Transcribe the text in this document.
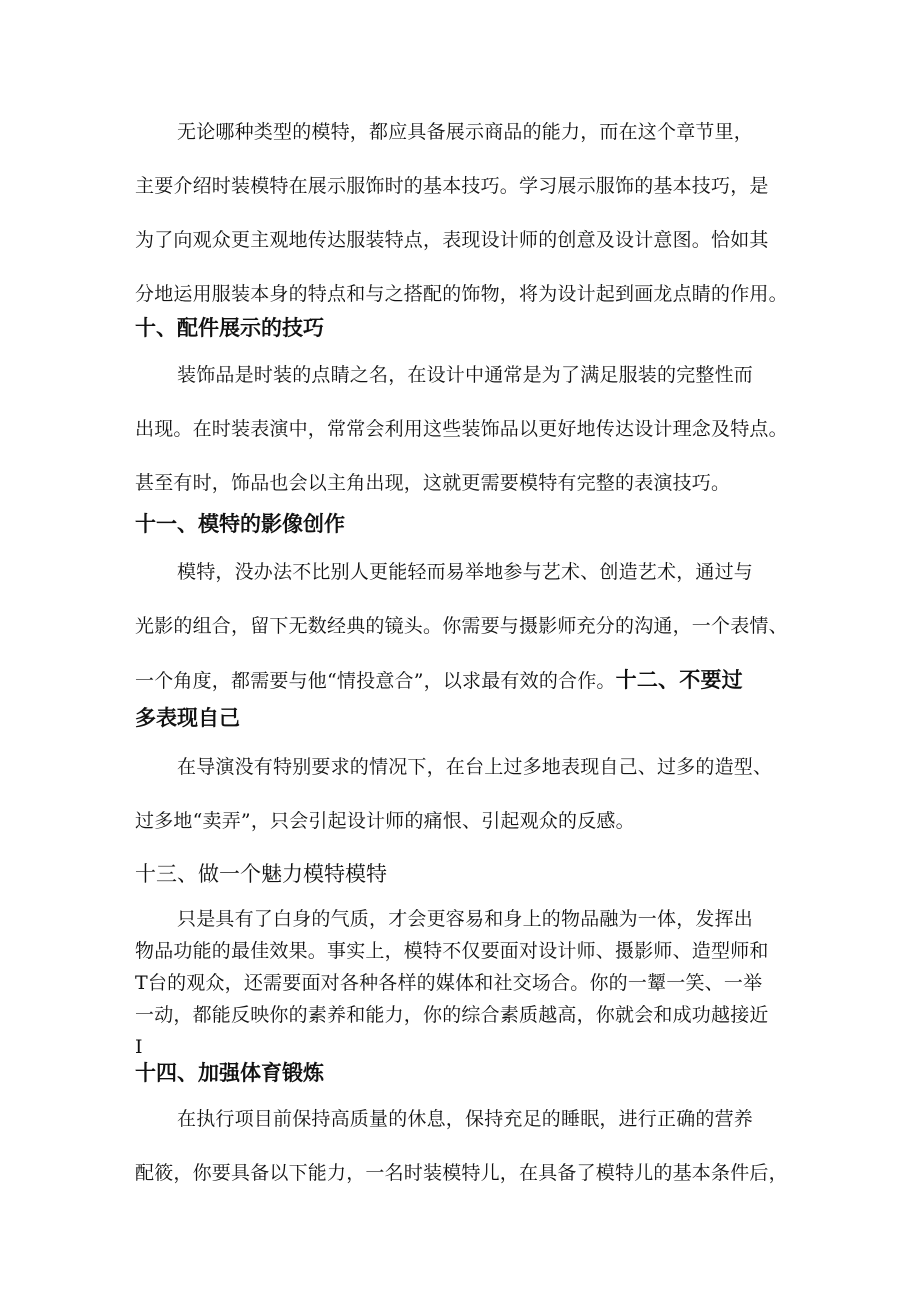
无论哪种类型的模特，都应具备展示商品的能力，而在这个章节里，
主要介绍时装模特在展示服饰时的基本技巧。学习展示服饰的基本技巧，是
为了向观众更主观地传达服装特点，表现设计师的创意及设计意图。恰如其
分地运用服装本身的特点和与之搭配的饰物，将为设计起到画龙点睛的作用。
十、配件展示的技巧
装饰品是时装的点睛之名，在设计中通常是为了满足服装的完整性而
出现。在时装表演中，常常会利用这些装饰品以更好地传达设计理念及特点。
甚至有时，饰品也会以主角出现，这就更需要模特有完整的表演技巧。
十一、模特的影像创作
模特，没办法不比别人更能轻而易举地参与艺术、创造艺术，通过与
光影的组合，留下无数经典的镜头。你需要与摄影师充分的沟通，一个表情、
一个角度，都需要与他“情投意合”，以求最有效的合作。十二、不要过
多表现自己
在导演没有特别要求的情况下，在台上过多地表现自己、过多的造型、
过多地“卖弄”，只会引起设计师的痛恨、引起观众的反感。
十三、做一个魅力模特模特
只是具有了白身的气质，才会更容易和身上的物品融为一体，发挥出
物品功能的最佳效果。事实上，模特不仅要面对设计师、摄影师、造型师和
T台的观众，还需要面对各种各样的媒体和社交场合。你的一颦一笑、一举
一动，都能反映你的素养和能力，你的综合素质越高，你就会和成功越接近
I
十四、加强体育锻炼
在执行项目前保持高质量的休息，保持充足的睡眠，进行正确的营养
配筱，你要具备以下能力，一名时装模特儿，在具备了模特儿的基本条件后，
